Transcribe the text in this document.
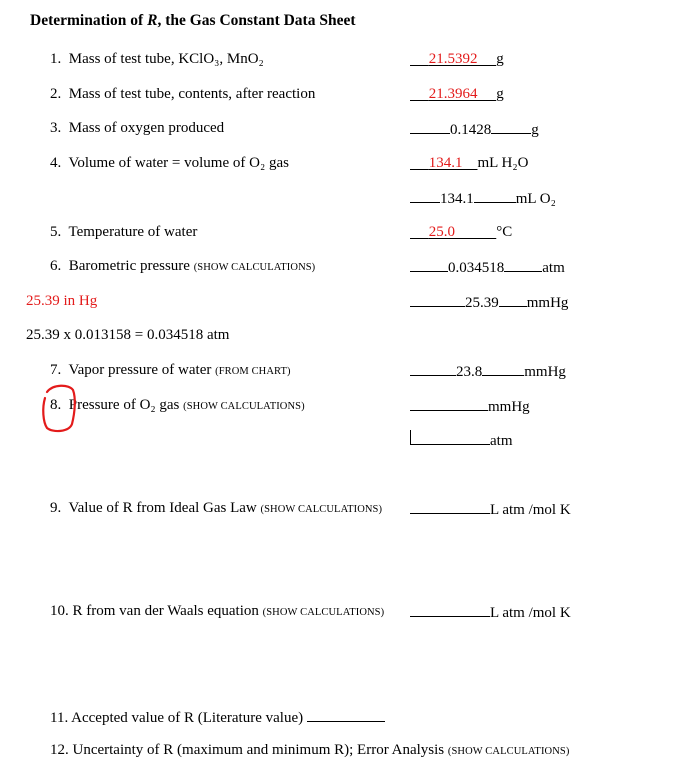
Determination of R, the Gas Constant Data Sheet
1. Mass of test tube, KClO₃, MnO₂	21.5392 g
2. Mass of test tube, contents, after reaction	21.3964 g
3. Mass of oxygen produced	0.1428	g
4. Volume of water = volume of O₂ gas	134.1 mL H₂O
134.1	mL O₂
5. Temperature of water	25.0	°C
6. Barometric pressure (SHOW CALCULATIONS)	0.034518	atm
25.39 in Hg	25.39 mmHg
25.39 x 0.013158 = 0.034518 atm
7. Vapor pressure of water (FROM CHART)	23.8	mmHg
8. Pressure of O₂ gas (SHOW CALCULATIONS)	mmHg
atm
9. Value of R from Ideal Gas Law (SHOW CALCULATIONS)	L atm /mol K
10. R from van der Waals equation (SHOW CALCULATIONS)	L atm /mol K
11. Accepted value of R (Literature value)
12. Uncertainty of R (maximum and minimum R); Error Analysis (SHOW CALCULATIONS)
